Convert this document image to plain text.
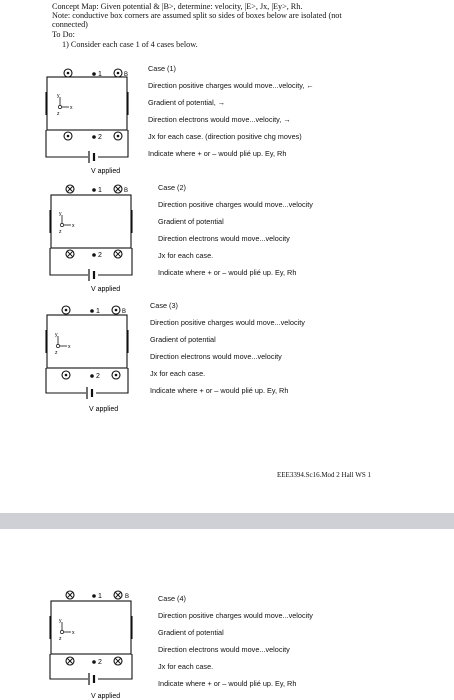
Concept Map: Given potential & |B>, determine: velocity, |E>, Jx, |Ey>, Rh.
Note: conductive box corners are assumed split so sides of boxes below are isolated (not
connected)
To Do:
1) Consider each case 1 of 4 cases below.
1	B
2
y
x
z
V applied
Case (1)
Direction positive charges would move...velocity, ←
Gradient of potential, →
Direction electrons would move...velocity, →
Jx for each case. (direction positive chg moves)
Indicate where + or – would plié up. Ey, Rh
1	B
2
y
x
z
V applied
Case (2)
Direction positive charges would move...velocity
Gradient of potential
Direction electrons would move...velocity
Jx for each case.
Indicate where + or – would plié up. Ey, Rh
1	B
2
y
x
z
V applied
Case (3)
Direction positive charges would move...velocity
Gradient of potential
Direction electrons would move...velocity
Jx for each case.
Indicate where + or – would plié up. Ey, Rh
EEE3394.Sc16.Mod 2 Hall WS 1
1	B
2
y
x
z
V applied
Case (4)
Direction positive charges would move...velocity
Gradient of potential
Direction electrons would move...velocity
Jx for each case.
Indicate where + or – would plié up. Ey, Rh
